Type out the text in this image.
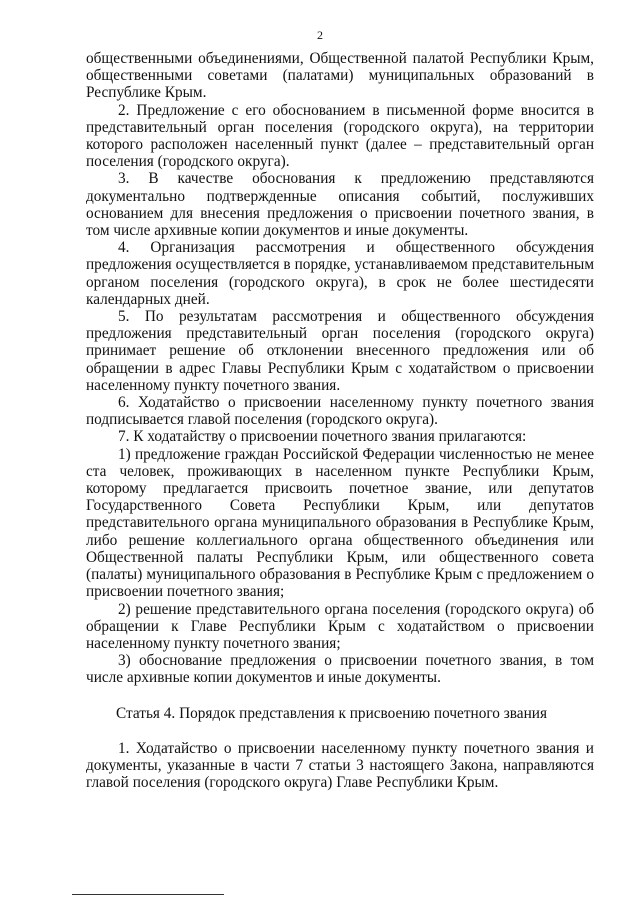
2

общественными объединениями, Общественной палатой Республики Крым, общественными советами (палатами) муниципальных образований в Республике Крым.

2. Предложение с его обоснованием в письменной форме вносится в представительный орган поселения (городского округа), на территории которого расположен населенный пункт (далее – представительный орган поселения (городского округа).

3. В качестве обоснования к предложению представляются документально подтвержденные описания событий, послуживших основанием для внесения предложения о присвоении почетного звания, в том числе архивные копии документов и иные документы.

4. Организация рассмотрения и общественного обсуждения предложения осуществляется в порядке, устанавливаемом представительным органом поселения (городского округа), в срок не более шестидесяти календарных дней.

5. По результатам рассмотрения и общественного обсуждения предложения представительный орган поселения (городского округа) принимает решение об отклонении внесенного предложения или об обращении в адрес Главы Республики Крым с ходатайством о присвоении населенному пункту почетного звания.

6. Ходатайство о присвоении населенному пункту почетного звания подписывается главой поселения (городского округа).

7. К ходатайству о присвоении почетного звания прилагаются:

1) предложение граждан Российской Федерации численностью не менее ста человек, проживающих в населенном пункте Республики Крым, которому предлагается присвоить почетное звание, или депутатов Государственного Совета Республики Крым, или депутатов представительного органа муниципального образования в Республике Крым, либо решение коллегиального органа общественного объединения или Общественной палаты Республики Крым, или общественного совета (палаты) муниципального образования в Республике Крым с предложением о присвоении почетного звания;

2) решение представительного органа поселения (городского округа) об обращении к Главе Республики Крым с ходатайством о присвоении населенному пункту почетного звания;

3) обоснование предложения о присвоении почетного звания, в том числе архивные копии документов и иные документы.

Статья 4. Порядок представления к присвоению почетного звания

1. Ходатайство о присвоении населенному пункту почетного звания и документы, указанные в части 7 статьи 3 настоящего Закона, направляются главой поселения (городского округа) Главе Республики Крым.
